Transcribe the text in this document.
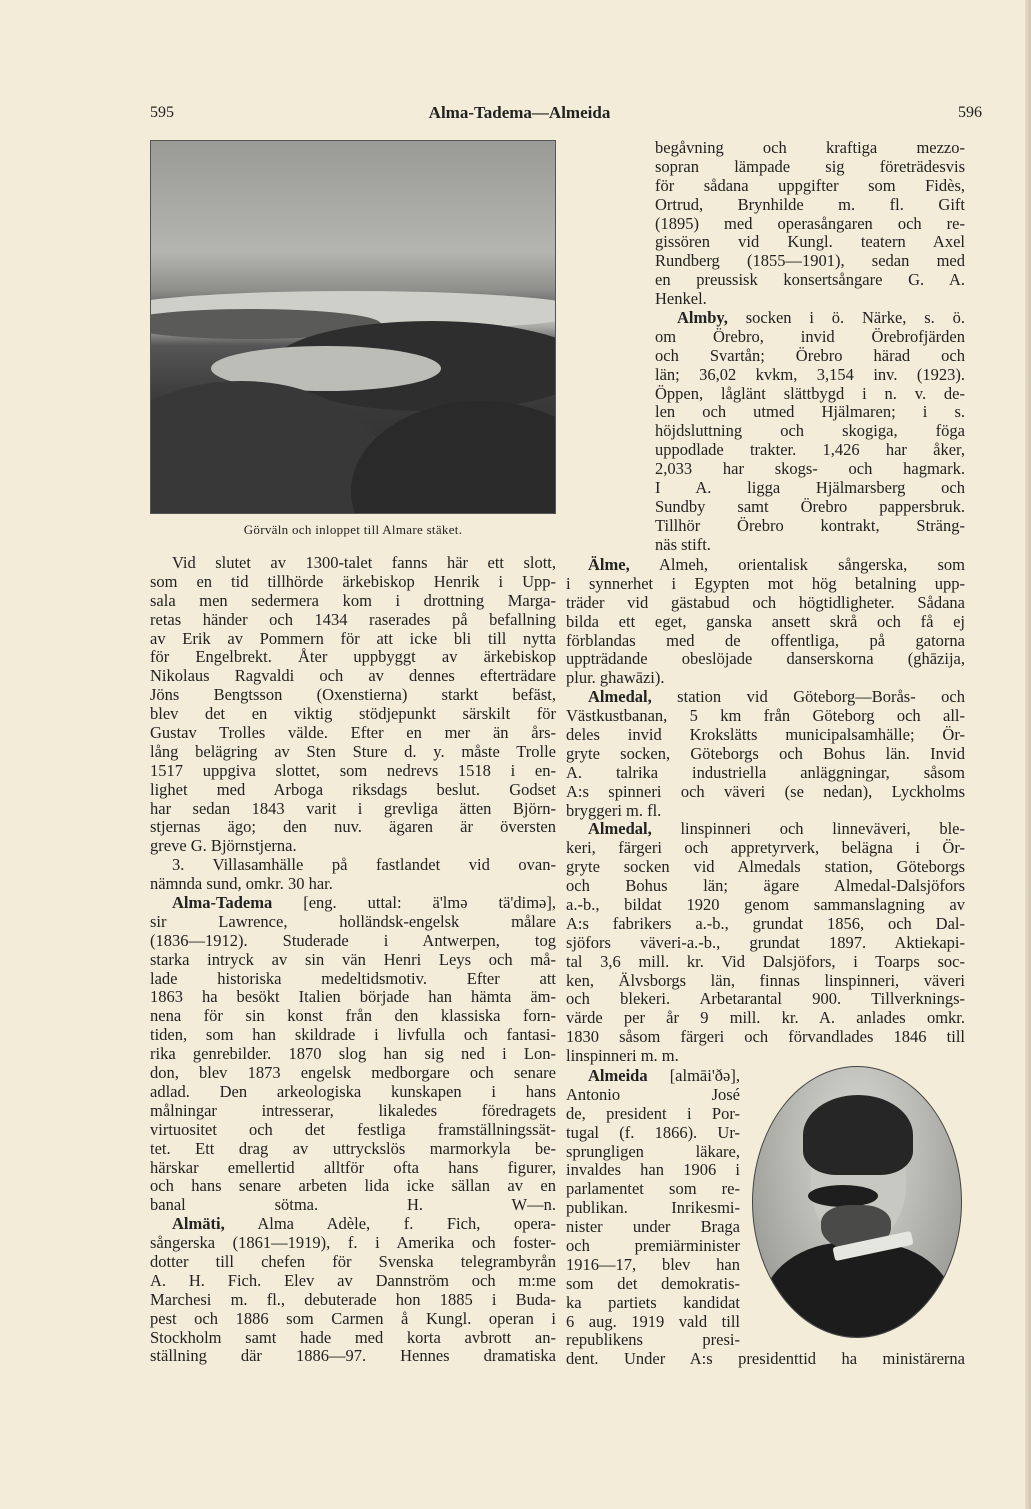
595	Alma-Tadema—Almeida	596
Görväln och inloppet till Almare stäket.
Vid slutet av 1300-talet fanns här ett slott,
som en tid tillhörde ärkebiskop Henrik i Upp-
sala men sedermera kom i drottning Marga-
retas händer och 1434 raserades på befallning
av Erik av Pommern för att icke bli till nytta
för Engelbrekt. Åter uppbyggt av ärkebiskop
Nikolaus Ragvaldi och av dennes efterträdare
Jöns Bengtsson (Oxenstierna) starkt befäst,
blev det en viktig stödjepunkt särskilt för
Gustav Trolles välde. Efter en mer än års-
lång belägring av Sten Sture d. y. måste Trolle
1517 uppgiva slottet, som nedrevs 1518 i en-
lighet med Arboga riksdags beslut. Godset
har sedan 1843 varit i grevliga ätten Björn-
stjernas ägo; den nuv. ägaren är översten
greve G. Björnstjerna.
3. Villasamhälle på fastlandet vid ovan-
nämnda sund, omkr. 30 har.
Alma-Tadema [eng. uttal: ä'lmə tä'dimə],
sir Lawrence, holländsk-engelsk målare
(1836—1912). Studerade i Antwerpen, tog
starka intryck av sin vän Henri Leys och må-
lade historiska medeltidsmotiv. Efter att
1863 ha besökt Italien började han hämta äm-
nena för sin konst från den klassiska forn-
tiden, som han skildrade i livfulla och fantasi-
rika genrebilder. 1870 slog han sig ned i Lon-
don, blev 1873 engelsk medborgare och senare
adlad. Den arkeologiska kunskapen i hans
målningar intresserar, likaledes föredragets
virtuositet och det festliga framställningssät-
tet. Ett drag av uttryckslös marmorkyla be-
härskar emellertid alltför ofta hans figurer,
och hans senare arbeten lida icke sällan av en
banal sötma. H. W—n.
Almäti, Alma Adèle, f. Fich, opera-
sångerska (1861—1919), f. i Amerika och foster-
dotter till chefen för Svenska telegrambyrån
A. H. Fich. Elev av Dannström och m:me
Marchesi m. fl., debuterade hon 1885 i Buda-
pest och 1886 som Carmen å Kungl. operan i
Stockholm samt hade med korta avbrott an-
ställning där 1886—97. Hennes dramatiska
begåvning och kraftiga mezzo-
sopran lämpade sig företrädesvis
för sådana uppgifter som Fidès,
Ortrud, Brynhilde m. fl. Gift
(1895) med operasångaren och re-
gissören vid Kungl. teatern Axel
Rundberg (1855—1901), sedan med
en preussisk konsertsångare G. A.
Henkel.
Almby, socken i ö. Närke, s. ö.
om Örebro, invid Örebrofjärden
och Svartån; Örebro härad och
län; 36,02 kvkm, 3,154 inv. (1923).
Öppen, låglänt slättbygd i n. v. de-
len och utmed Hjälmaren; i s.
höjdsluttning och skogiga, föga
uppodlade trakter. 1,426 har åker,
2,033 har skogs- och hagmark.
I A. ligga Hjälmarsberg och
Sundby samt Örebro pappersbruk.
Tillhör Örebro kontrakt, Sträng-
näs stift.
Älme, Almeh, orientalisk sångerska, som
i synnerhet i Egypten mot hög betalning upp-
träder vid gästabud och högtidligheter. Sådana
bilda ett eget, ganska ansett skrå och få ej
förblandas med de offentliga, på gatorna
uppträdande obeslöjade danserskorna (ghāzija,
plur. ghawāzi).
Almedal, station vid Göteborg—Borås- och
Västkustbanan, 5 km från Göteborg och all-
deles invid Krokslätts municipalsamhälle; Ör-
gryte socken, Göteborgs och Bohus län. Invid
A. talrika industriella anläggningar, såsom
A:s spinneri och väveri (se nedan), Lyckholms
bryggeri m. fl.
Almedal, linspinneri och linneväveri, ble-
keri, färgeri och appretyrverk, belägna i Ör-
gryte socken vid Almedals station, Göteborgs
och Bohus län; ägare Almedal-Dalsjöfors
a.-b., bildat 1920 genom sammanslagning av
A:s fabrikers a.-b., grundat 1856, och Dal-
sjöfors väveri-a.-b., grundat 1897. Aktiekapi-
tal 3,6 mill. kr. Vid Dalsjöfors, i Toarps soc-
ken, Älvsborgs län, finnas linspinneri, väveri
och blekeri. Arbetarantal 900. Tillverknings-
värde per år 9 mill. kr. A. anlades omkr.
1830 såsom färgeri och förvandlades 1846 till
linspinneri m. m.
Almeida [almāi'ðə],
Antonio José
de, president i Por-
tugal (f. 1866). Ur-
sprungligen läkare,
invaldes han 1906 i
parlamentet som re-
publikan. Inrikesmi-
nister under Braga
och premiärminister
1916—17, blev han
som det demokratis-
ka partiets kandidat
6 aug. 1919 vald till
republikens presi-
dent. Under A:s presidenttid ha ministärerna
